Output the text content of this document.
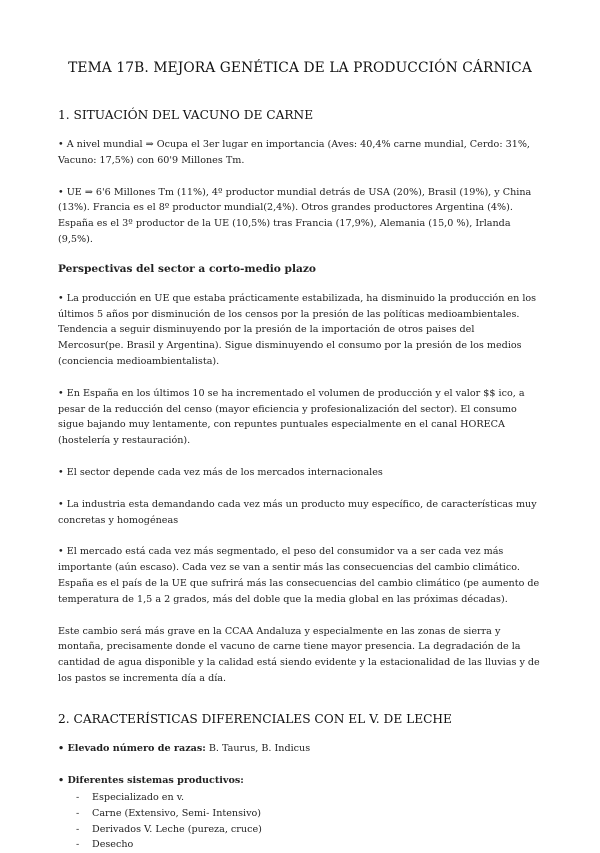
TEMA 17B. MEJORA GENÉTICA DE LA PRODUCCIÓN CÁRNICA
1. SITUACIÓN DEL VACUNO DE CARNE

• A nivel mundial ⇒ Ocupa el 3er lugar en importancia (Aves: 40,4% carne mundial, Cerdo: 31%, Vacuno: 17,5%) con 60'9 Millones Tm.

• UE ⇒ 6'6 Millones Tm (11%), 4º productor mundial detrás de USA (20%), Brasil (19%), y China (13%). Francia es el 8º productor mundial(2,4%). Otros grandes productores Argentina (4%). España es el 3º productor de la UE (10,5%) tras Francia (17,9%), Alemania (15,0 %), Irlanda (9,5%).

Perspectivas del sector a corto-medio plazo

• La producción en UE que estaba prácticamente estabilizada, ha disminuido la producción en los últimos 5 años por disminución de los censos por la presión de las políticas medioambientales. Tendencia a seguir disminuyendo por la presión de la importación de otros paises del Mercosur(pe. Brasil y Argentina). Sigue disminuyendo el consumo por la presión de los medios (conciencia medioambientalista).

• En España en los últimos 10 se ha incrementado el volumen de producción y el valor $$ ico, a pesar de la reducción del censo (mayor eficiencia y profesionalización del sector). El consumo sigue bajando muy lentamente, con repuntes puntuales especialmente en el canal HORECA (hostelería y restauración).

• El sector depende cada vez más de los mercados internacionales

• La industria esta demandando cada vez más un producto muy específico, de características muy concretas y homogéneas

• El mercado está cada vez más segmentado, el peso del consumidor va a ser cada vez más importante (aún escaso). Cada vez se van a sentir más las consecuencias del cambio climático. España es el país de la UE que sufrirá más las consecuencias del cambio climático (pe aumento de temperatura de 1,5 a 2 grados, más del doble que la media global en las próximas décadas).

Este cambio será más grave en la CCAA Andaluza y especialmente en las zonas de sierra y montaña, precisamente donde el vacuno de carne tiene mayor presencia. La degradación de la cantidad de agua disponible y la calidad está siendo evidente y la estacionalidad de las lluvias y de los pastos se incrementa día a día.

2. CARACTERÍSTICAS DIFERENCIALES CON EL V. DE LECHE

• Elevado número de razas: B. Taurus, B. Indicus

• Diferentes sistemas productivos:

- Especializado en v.
- Carne (Extensivo, Semi- Intensivo)
- Derivados V. Leche (pureza, cruce)
- Desecho
